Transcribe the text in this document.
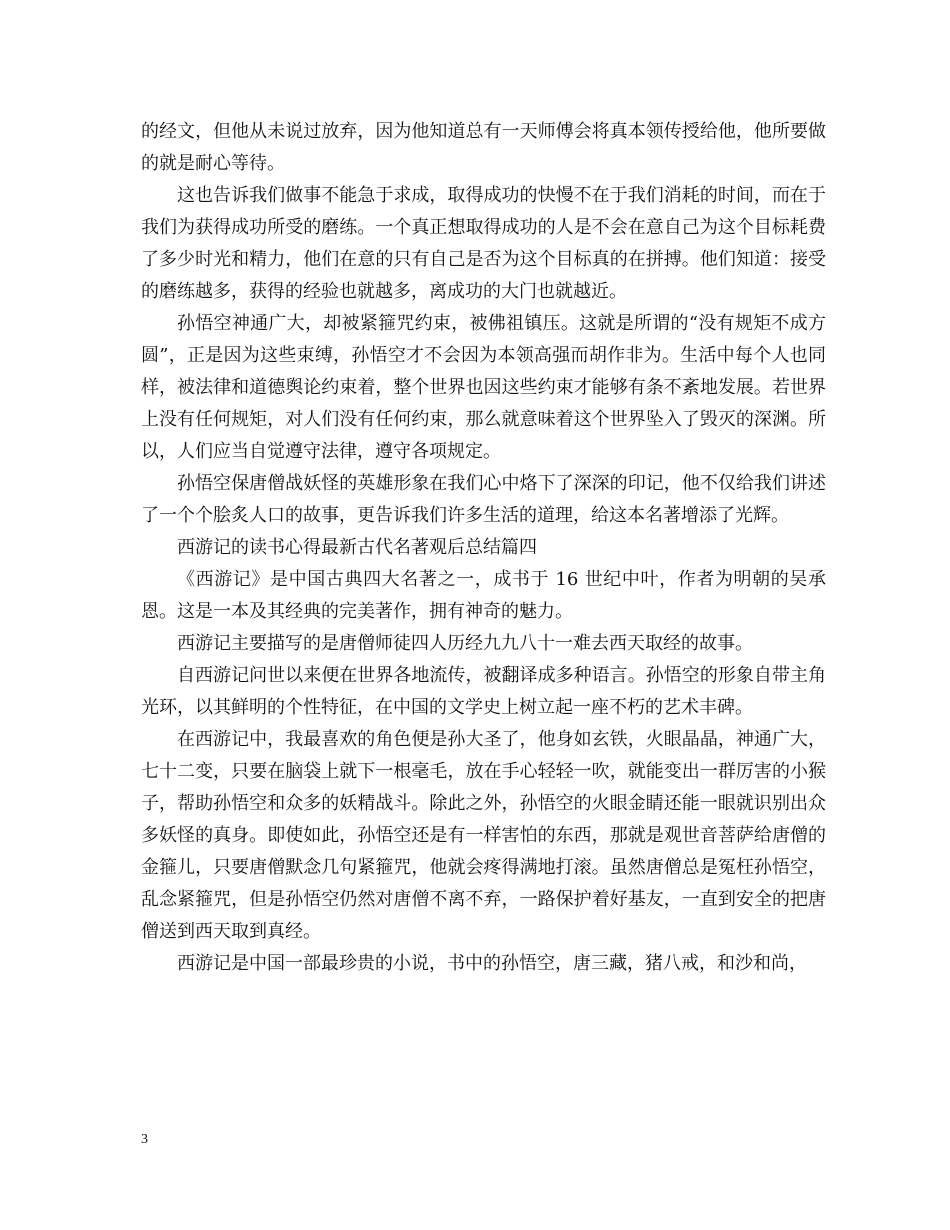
的经文，但他从未说过放弃，因为他知道总有一天师傅会将真本领传授给他，他所要做的就是耐心等待。

这也告诉我们做事不能急于求成，取得成功的快慢不在于我们消耗的时间，而在于我们为获得成功所受的磨练。一个真正想取得成功的人是不会在意自己为这个目标耗费了多少时光和精力，他们在意的只有自己是否为这个目标真的在拼搏。他们知道：接受的磨练越多，获得的经验也就越多，离成功的大门也就越近。

孙悟空神通广大，却被紧箍咒约束，被佛祖镇压。这就是所谓的“没有规矩不成方圆”，正是因为这些束缚，孙悟空才不会因为本领高强而胡作非为。生活中每个人也同样，被法律和道德舆论约束着，整个世界也因这些约束才能够有条不紊地发展。若世界上没有任何规矩，对人们没有任何约束，那么就意味着这个世界坠入了毁灭的深渊。所以，人们应当自觉遵守法律，遵守各项规定。

孙悟空保唐僧战妖怪的英雄形象在我们心中烙下了深深的印记，他不仅给我们讲述了一个个脍炙人口的故事，更告诉我们许多生活的道理，给这本名著增添了光辉。

西游记的读书心得最新古代名著观后总结篇四

《西游记》是中国古典四大名著之一，成书于 16 世纪中叶，作者为明朝的吴承恩。这是一本及其经典的完美著作，拥有神奇的魅力。

西游记主要描写的是唐僧师徒四人历经九九八十一难去西天取经的故事。

自西游记问世以来便在世界各地流传，被翻译成多种语言。孙悟空的形象自带主角光环，以其鲜明的个性特征，在中国的文学史上树立起一座不朽的艺术丰碑。

在西游记中，我最喜欢的角色便是孙大圣了，他身如玄铁，火眼晶晶，神通广大，七十二变，只要在脑袋上就下一根毫毛，放在手心轻轻一吹，就能变出一群厉害的小猴子，帮助孙悟空和众多的妖精战斗。除此之外，孙悟空的火眼金睛还能一眼就识别出众多妖怪的真身。即使如此，孙悟空还是有一样害怕的东西，那就是观世音菩萨给唐僧的金箍儿，只要唐僧默念几句紧箍咒，他就会疼得满地打滚。虽然唐僧总是冤枉孙悟空，乱念紧箍咒，但是孙悟空仍然对唐僧不离不弃，一路保护着好基友，一直到安全的把唐僧送到西天取到真经。

西游记是中国一部最珍贵的小说，书中的孙悟空，唐三藏，猪八戒，和沙和尚，

3
